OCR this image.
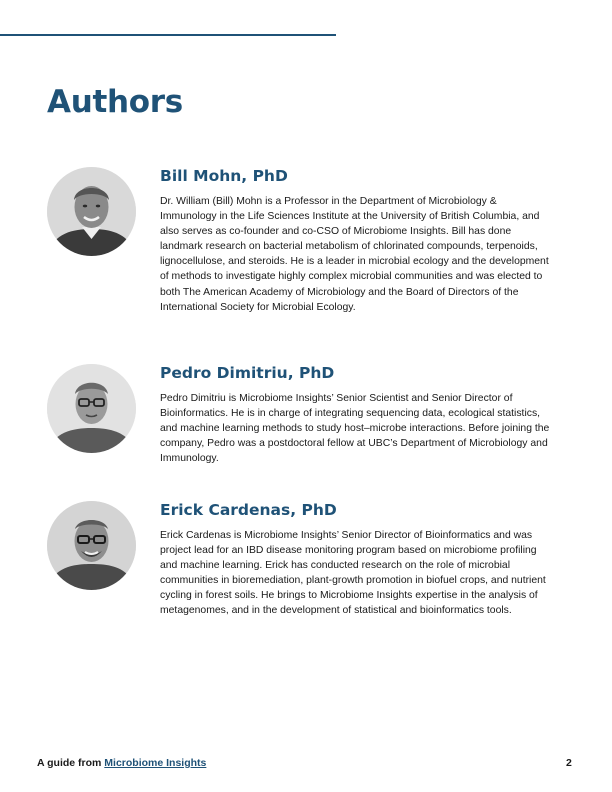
Authors
Bill Mohn, PhD

Dr. William (Bill) Mohn is a Professor in the Department of Microbiology & Immunology in the Life Sciences Institute at the University of British Columbia, and also serves as co-founder and co-CSO of Microbiome Insights. Bill has done landmark research on bacterial metabolism of chlorinated compounds, terpenoids, lignocellulose, and steroids. He is a leader in microbial ecology and the development of methods to investigate highly complex microbial communities and was elected to both The American Academy of Microbiology and the Board of Directors of the International Society for Microbial Ecology.

Pedro Dimitriu, PhD

Pedro Dimitriu is Microbiome Insights’ Senior Scientist and Senior Director of Bioinformatics. He is in charge of integrating sequencing data, ecological statistics, and machine learning methods to study host–microbe interactions. Before joining the company, Pedro was a postdoctoral fellow at UBC’s Department of Microbiology and Immunology.

Erick Cardenas, PhD

Erick Cardenas is Microbiome Insights’ Senior Director of Bioinformatics and was project lead for an IBD disease monitoring program based on microbiome profiling and machine learning. Erick has conducted research on the role of microbial communities in bioremediation, plant-growth promotion in biofuel crops, and nutrient cycling in forest soils. He brings to Microbiome Insights expertise in the analysis of metagenomes, and in the development of statistical and bioinformatics tools.

A guide from Microbiome Insights	2
